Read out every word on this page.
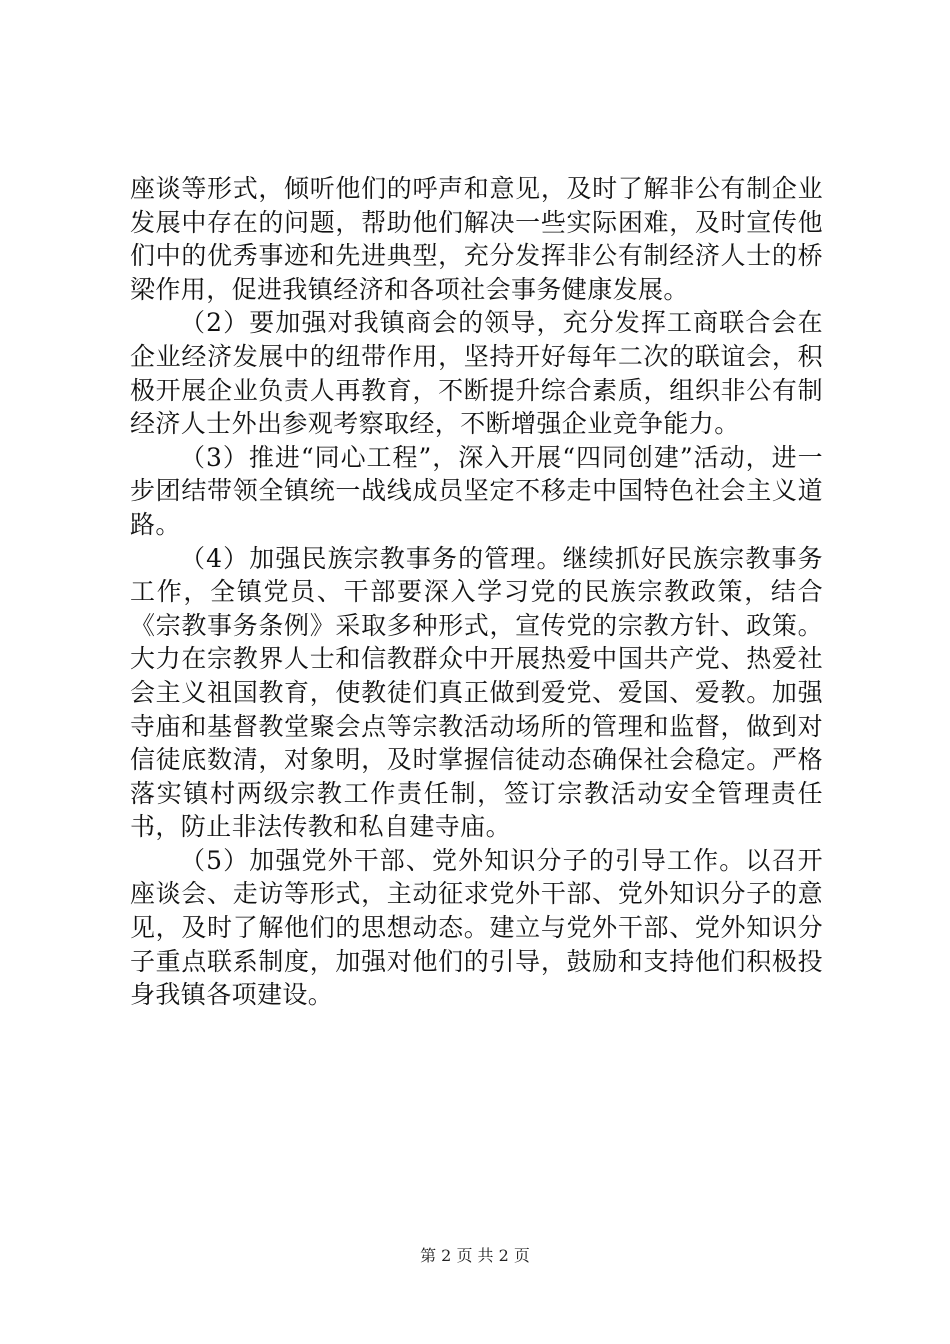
座谈等形式，倾听他们的呼声和意见，及时了解非公有制企业发展中存在的问题，帮助他们解决一些实际困难，及时宣传他们中的优秀事迹和先进典型，充分发挥非公有制经济人士的桥梁作用，促进我镇经济和各项社会事务健康发展。

（2）要加强对我镇商会的领导，充分发挥工商联合会在企业经济发展中的纽带作用，坚持开好每年二次的联谊会，积极开展企业负责人再教育，不断提升综合素质，组织非公有制经济人士外出参观考察取经，不断增强企业竞争能力。

（3）推进“同心工程”，深入开展“四同创建”活动，进一步团结带领全镇统一战线成员坚定不移走中国特色社会主义道路。

（4）加强民族宗教事务的管理。继续抓好民族宗教事务工作，全镇党员、干部要深入学习党的民族宗教政策，结合《宗教事务条例》采取多种形式，宣传党的宗教方针、政策。大力在宗教界人士和信教群众中开展热爱中国共产党、热爱社会主义祖国教育，使教徒们真正做到爱党、爱国、爱教。加强寺庙和基督教堂聚会点等宗教活动场所的管理和监督，做到对信徒底数清，对象明，及时掌握信徒动态确保社会稳定。严格落实镇村两级宗教工作责任制，签订宗教活动安全管理责任书，防止非法传教和私自建寺庙。

（5）加强党外干部、党外知识分子的引导工作。以召开座谈会、走访等形式，主动征求党外干部、党外知识分子的意见，及时了解他们的思想动态。建立与党外干部、党外知识分子重点联系制度，加强对他们的引导，鼓励和支持他们积极投身我镇各项建设。

第 2 页 共 2 页
